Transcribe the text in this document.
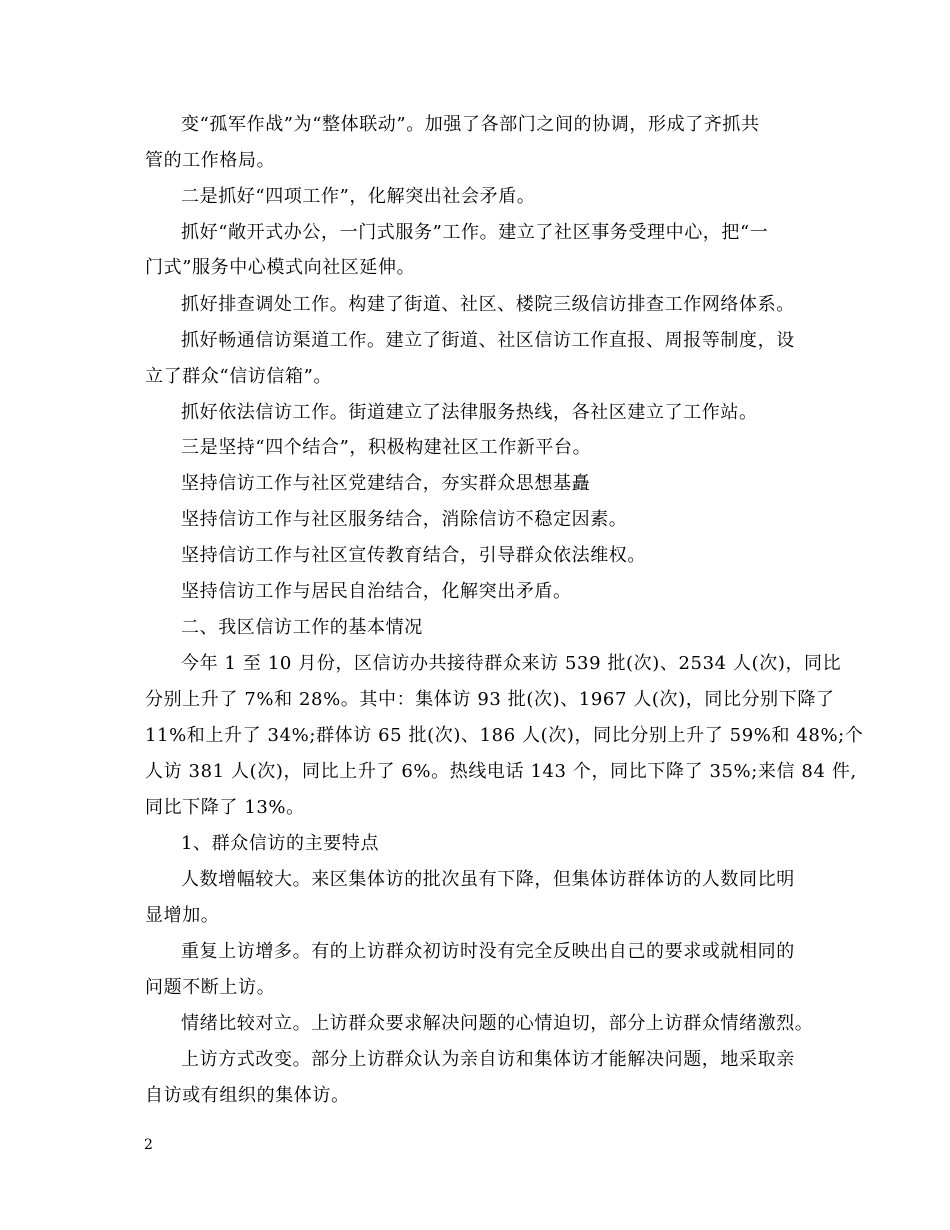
变“孤军作战”为“整体联动”。加强了各部门之间的协调，形成了齐抓共
管的工作格局。
二是抓好“四项工作”，化解突出社会矛盾。
抓好“敞开式办公，一门式服务”工作。建立了社区事务受理中心，把“一
门式”服务中心模式向社区延伸。
抓好排查调处工作。构建了街道、社区、楼院三级信访排查工作网络体系。
抓好畅通信访渠道工作。建立了街道、社区信访工作直报、周报等制度，设
立了群众“信访信箱”。
抓好依法信访工作。街道建立了法律服务热线，各社区建立了工作站。
三是坚持“四个结合”，积极构建社区工作新平台。
坚持信访工作与社区党建结合，夯实群众思想基矗
坚持信访工作与社区服务结合，消除信访不稳定因素。
坚持信访工作与社区宣传教育结合，引导群众依法维权。
坚持信访工作与居民自治结合，化解突出矛盾。
二、我区信访工作的基本情况
今年 1 至 10 月份，区信访办共接待群众来访 539 批(次)、2534 人(次)，同比
分别上升了 7%和 28%。其中：集体访 93 批(次)、1967 人(次)，同比分别下降了
11%和上升了 34%;群体访 65 批(次)、186 人(次)，同比分别上升了 59%和 48%;个
人访 381 人(次)，同比上升了 6%。热线电话 143 个，同比下降了 35%;来信 84 件,
同比下降了 13%。
1、群众信访的主要特点
人数增幅较大。来区集体访的批次虽有下降，但集体访群体访的人数同比明
显增加。
重复上访增多。有的上访群众初访时没有完全反映出自己的要求或就相同的
问题不断上访。
情绪比较对立。上访群众要求解决问题的心情迫切，部分上访群众情绪激烈。
上访方式改变。部分上访群众认为亲自访和集体访才能解决问题，地采取亲
自访或有组织的集体访。
2
